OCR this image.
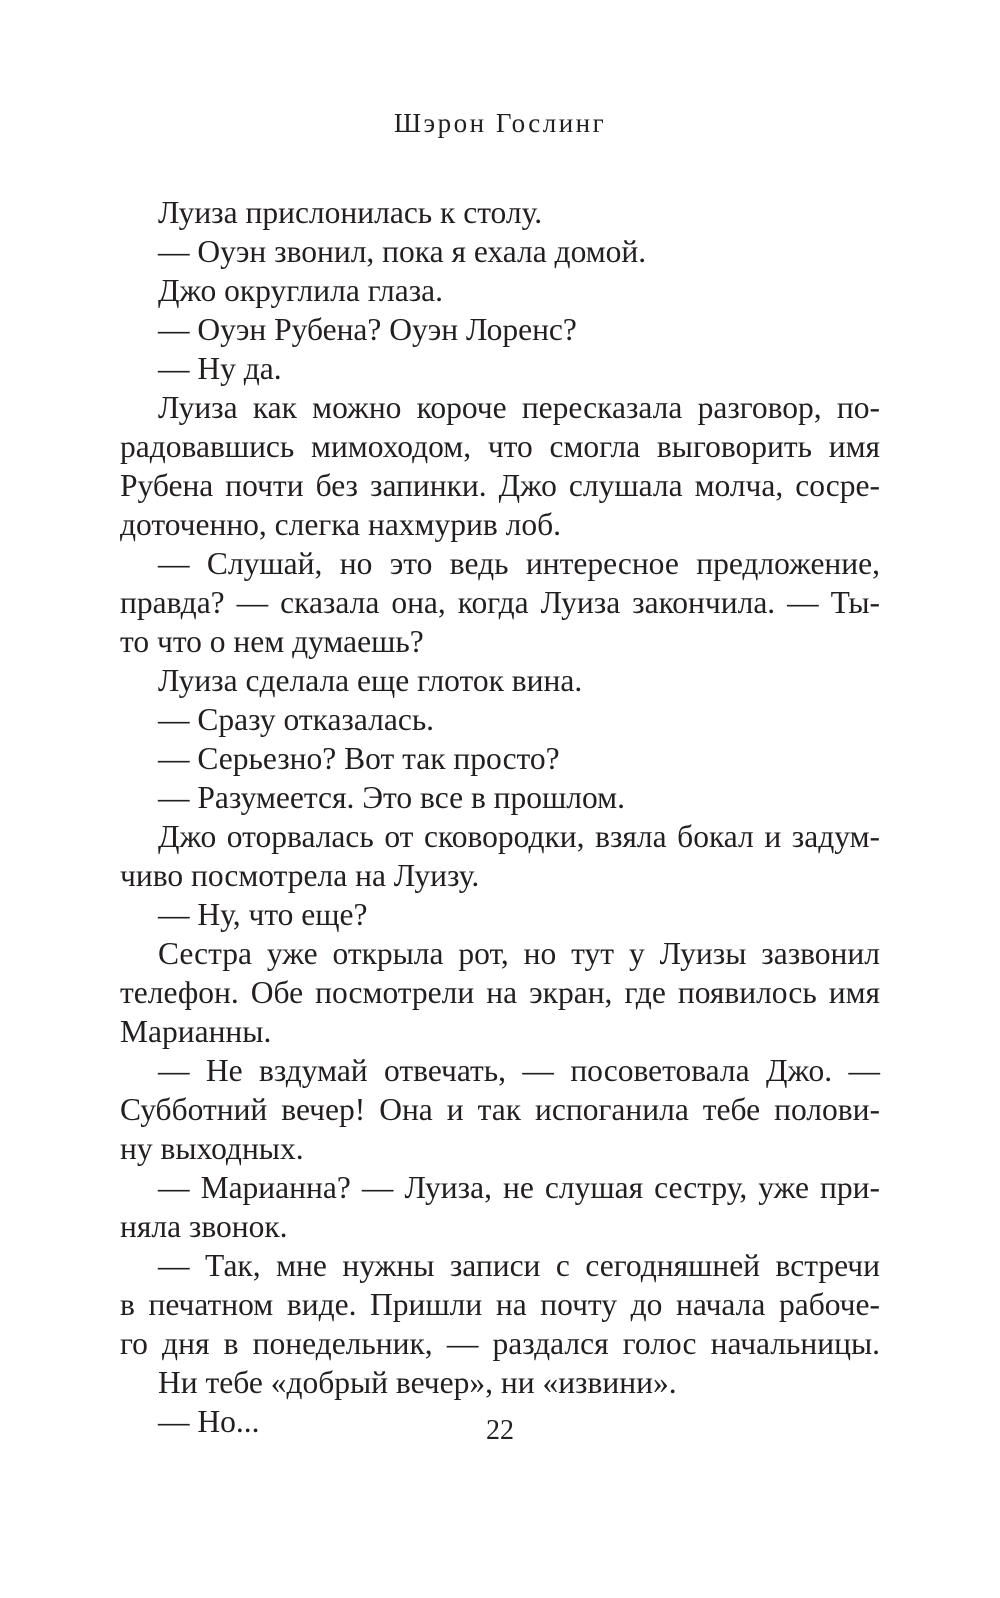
Шэрон Гослинг
Луиза прислонилась к столу.
— Оуэн звонил, пока я ехала домой.
Джо округлила глаза.
— Оуэн Рубена? Оуэн Лоренс?
— Ну да.
Луиза как можно короче пересказала разговор, по-
радовавшись мимоходом, что смогла выговорить имя
Рубена почти без запинки. Джо слушала молча, сосре-
доточенно, слегка нахмурив лоб.
— Слушай, но это ведь интересное предложение,
правда? — сказала она, когда Луиза закончила. — Ты-
то что о нем думаешь?
Луиза сделала еще глоток вина.
— Сразу отказалась.
— Серьезно? Вот так просто?
— Разумеется. Это все в прошлом.
Джо оторвалась от сковородки, взяла бокал и задум-
чиво посмотрела на Луизу.
— Ну, что еще?
Сестра уже открыла рот, но тут у Луизы зазвонил
телефон. Обе посмотрели на экран, где появилось имя
Марианны.
— Не вздумай отвечать, — посоветовала Джо. —
Субботний вечер! Она и так испоганила тебе полови-
ну выходных.
— Марианна? — Луиза, не слушая сестру, уже при-
няла звонок.
— Так, мне нужны записи с сегодняшней встречи
в печатном виде. Пришли на почту до начала рабоче-
го дня в понедельник, — раздался голос начальницы.
Ни тебе «добрый вечер», ни «извини».
— Но...	22
